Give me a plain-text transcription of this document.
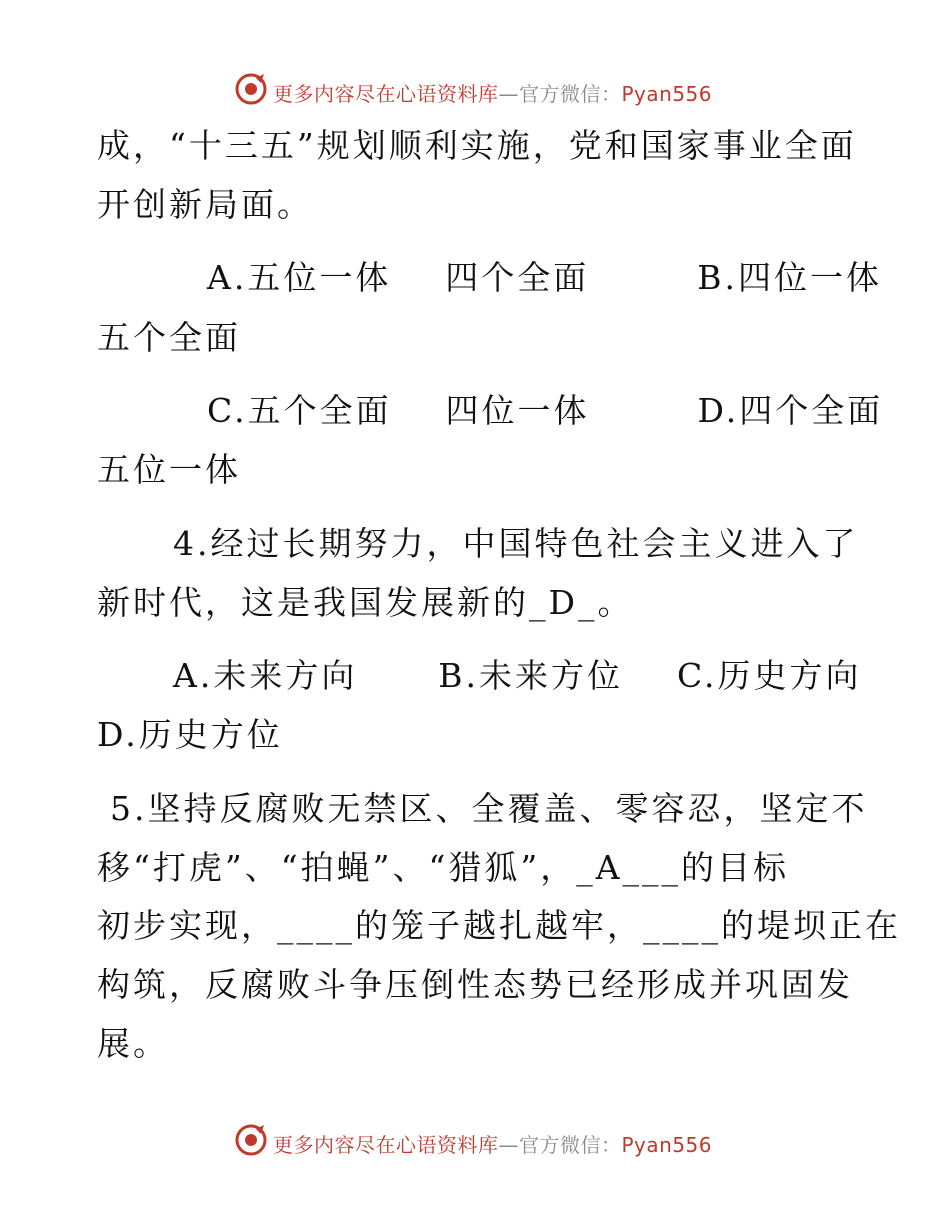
更多内容尽在心语资料库—官方微信：Pyan556
成，“十三五”规划顺利实施，党和国家事业全面
开创新局面。
A.五位一体    四个全面        B.四位一体
五个全面
C.五个全面    四位一体        D.四个全面
五位一体
4.经过长期努力，中国特色社会主义进入了
新时代，这是我国发展新的_D_。
A.未来方向      B.未来方位    C.历史方向
D.历史方位
5.坚持反腐败无禁区、全覆盖、零容忍，坚定不
移“打虎”、“拍蝇”、“猎狐”，_A___的目标
初步实现，____的笼子越扎越牢，____的堤坝正在
构筑，反腐败斗争压倒性态势已经形成并巩固发
展。
更多内容尽在心语资料库—官方微信：Pyan556
